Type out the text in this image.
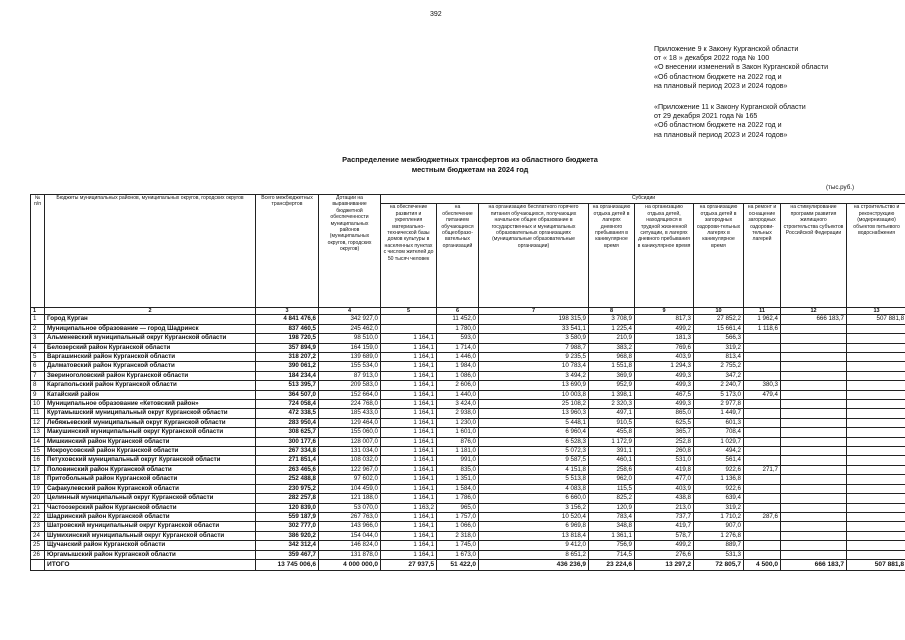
392
Приложение 9 к Закону Курганской области
от « 18 » декабря 2022 года № 100
«О внесении изменений в Закон Курганской области
«Об областном бюджете на 2022 год и
на плановый период 2023 и 2024 годов»
«Приложение 11 к Закону Курганской области
от 29 декабря 2021 года № 165
«Об областном бюджете на 2022 год и
на плановый период 2023 и 2024 годов»
Распределение межбюджетных трансфертов из областного бюджета
местным бюджетам на 2024 год
(тыс.руб.)
№ п/п	Бюджеты муниципальных районов, муниципальных округов, городских округов	Всего межбюджетных трансфертов	Дотации на выравнивание бюджетной обеспеченности муниципальных районов (муниципальных округов, городских округов)	Субсидии								
				на обеспечение развития и укрепления материально-технической базы домов культуры в населенных пунктах с числом жителей до 50 тысяч человек	на обеспечение питанием обучающихся общеобразо-вательных организаций	на организацию бесплатного горячего питания обучающихся, получающих начальное общее образование в государственных и муниципальных образовательных организациях (муниципальные образовательные организации)	на организацию отдыха детей в лагерях дневного пребывания в каникулярное время	на организацию отдыха детей, находящихся в трудной жизненной ситуации, в лагерях дневного пребывания в каникулярное время	на организацию отдыха детей в загородных оздорови-тельных лагерях в каникулярное время	на ремонт и оснащение загородных оздорови-тельных лагерей	на стимулирование программ развития жилищного строительства субъектов Российской Федерации	на строительство и реконструкцию (модернизацию) объектов питьевого водоснабжения
1	2	3	4	5	6	7	8	9	10	11	12	13
1	Город Курган	4 841 476,6	342 927,0		11 452,0	198 315,9	3 708,9	817,3	27 852,2	1 962,4	666 183,7	507 881,8
2	Муниципальное образование — город Шадринск	837 460,5	245 462,0		1 780,0	33 541,1	1 225,4	499,2	15 661,4	1 118,6		
3	Альменевский муниципальный округ Курганской области	198 720,5	98 510,0	1 164,1	593,0	3 580,9	210,9	181,3	566,3			
4	Белозерский район Курганской области	357 894,9	164 159,0	1 164,1	1 714,0	7 988,7	383,2	769,6	319,2			
5	Варгашинский район Курганской области	318 207,2	139 689,0	1 164,1	1 446,0	9 235,5	968,8	403,9	813,4			
6	Далматовский район Курганской области	390 061,2	155 534,0	1 164,1	1 984,0	10 783,4	1 551,8	1 294,3	2 755,2			
7	Звериноголовский район Курганской области	184 234,4	87 913,0	1 164,1	1 086,0	3 494,2	369,9	499,3	347,2			
8	Каргапольский район Курганской области	513 395,7	209 583,0	1 164,1	2 606,0	13 690,9	952,9	499,3	2 240,7	380,3		
9	Катайский район	364 507,0	152 664,0	1 164,1	1 440,0	10 003,8	1 398,1	467,5	5 173,0	479,4		
10	Муниципальное образование «Кетовский район»	724 058,4	224 768,0	1 164,1	3 424,0	25 108,2	2 320,3	499,3	2 977,8			
11	Куртамышский муниципальный округ Курганской области	472 338,5	185 433,0	1 164,1	2 938,0	13 960,3	497,1	865,0	1 449,7			
12	Лебяжьевский муниципальный округ Курганской области	283 950,4	129 464,0	1 164,1	1 230,0	5 448,1	910,5	625,5	601,3			
13	Макушинский муниципальный округ Курганской области	308 625,7	155 060,0	1 164,1	1 601,0	6 960,4	455,8	365,7	708,4			
14	Мишкинский район Курганской области	300 177,6	128 007,0	1 164,1	876,0	6 528,3	1 172,9	252,8	1 029,7			
15	Мокроусовский район Курганской области	267 334,8	131 034,0	1 164,1	1 181,0	5 072,3	391,1	260,8	494,2			
16	Петуховский муниципальный округ Курганской области	271 851,4	108 032,0	1 164,1	991,0	9 587,5	460,1	531,0	561,4			
17	Половинский район Курганской области	263 465,6	122 967,0	1 164,1	835,0	4 151,8	258,6	419,8	922,6	271,7		
18	Притобольный район Курганской области	252 488,8	97 602,0	1 164,1	1 351,0	5 513,8	962,0	477,0	1 136,8			
19	Сафакулевский район Курганской области	230 975,2	104 459,0	1 164,1	1 584,0	4 083,8	115,5	403,9	922,6			
20	Целинный муниципальный округ Курганской области	282 257,8	121 188,0	1 164,1	1 786,0	6 660,0	825,2	438,8	639,4			
21	Частоозерский район Курганской области	120 839,0	53 070,0	1 163,2	965,0	3 156,2	120,9	213,0	319,2			
22	Шадринский район Курганской области	559 187,9	267 763,0	1 164,1	1 757,0	10 520,4	783,4	737,7	1 710,2	287,6		
23	Шатровский муниципальный округ Курганской области	302 777,0	143 966,0	1 164,1	1 066,0	6 969,8	348,8	419,7	907,0			
24	Шумихинский муниципальный округ Курганской области	386 920,2	154 044,0	1 164,1	2 318,0	13 818,4	1 361,1	578,7	1 276,8			
25	Щучанский район Курганской области	342 312,4	146 824,0	1 164,1	1 745,0	9 412,0	756,9	499,2	889,7			
26	Юргамышский район Курганской области	359 467,7	131 878,0	1 164,1	1 673,0	8 651,2	714,5	276,6	531,3			
	ИТОГО	13 745 006,6	4 000 000,0	27 937,5	51 422,0	436 236,9	23 224,6	13 297,2	72 805,7	4 500,0	666 183,7	507 881,8
